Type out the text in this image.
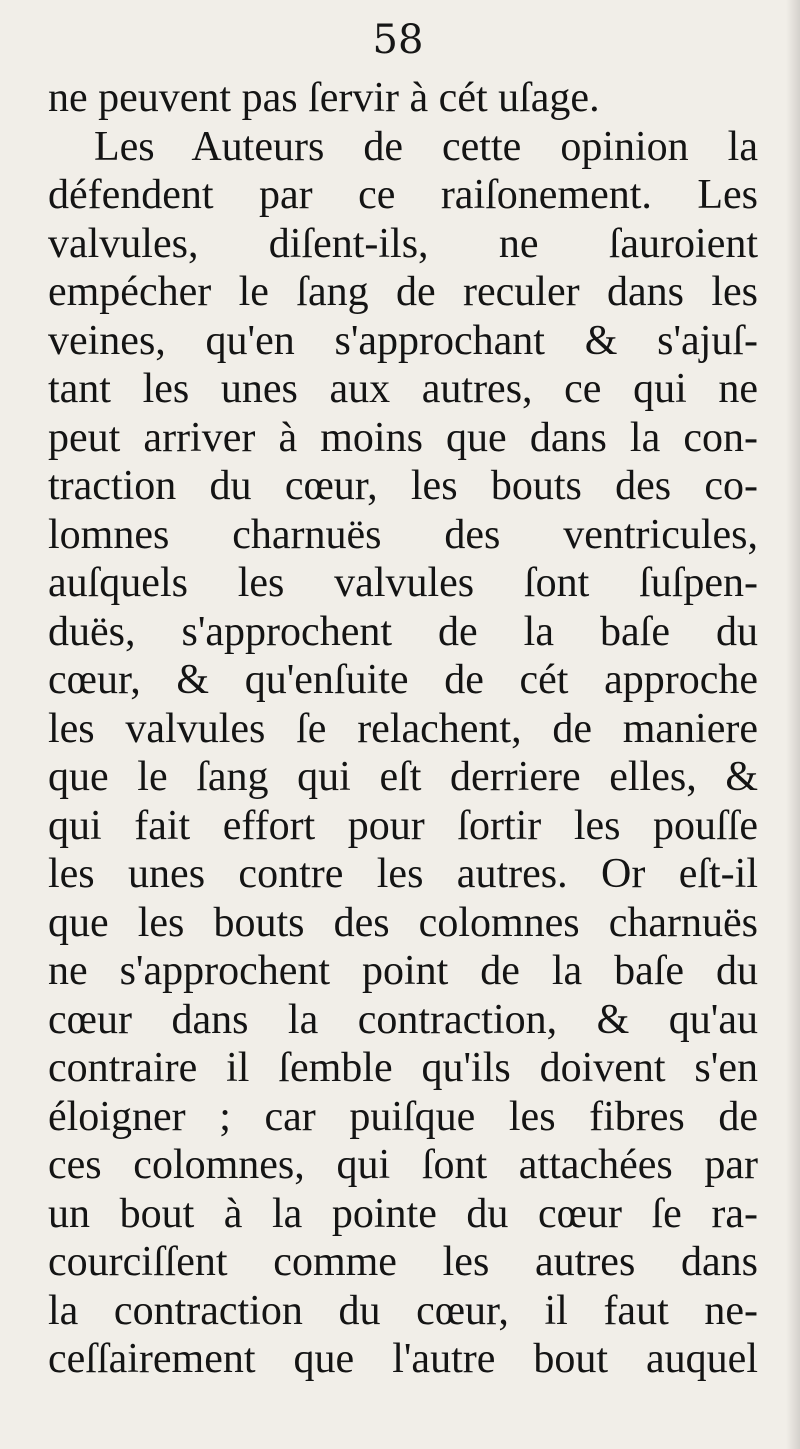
58

ne peuvent pas ſervir à cét uſage.
Les Auteurs de cette opinion la
défendent par ce raiſonement. Les
valvules, diſent-ils, ne ſauroient
empécher le ſang de reculer dans les
veines, qu'en s'approchant & s'ajuſ-
tant les unes aux autres, ce qui ne
peut arriver à moins que dans la con-
traction du cœur, les bouts des co-
lomnes charnuës des ventricules,
auſquels les valvules ſont ſuſpen-
duës, s'approchent de la baſe du
cœur, & qu'enſuite de cét approche
les valvules ſe relachent, de maniere
que le ſang qui eſt derriere elles, &
qui fait effort pour ſortir les pouſſe
les unes contre les autres. Or eſt-il
que les bouts des colomnes charnuës
ne s'approchent point de la baſe du
cœur dans la contraction, & qu'au
contraire il ſemble qu'ils doivent s'en
éloigner ; car puiſque les fibres de
ces colomnes, qui ſont attachées par
un bout à la pointe du cœur ſe ra-
courciſſent comme les autres dans
la contraction du cœur, il faut ne-
ceſſairement que l'autre bout auquel
